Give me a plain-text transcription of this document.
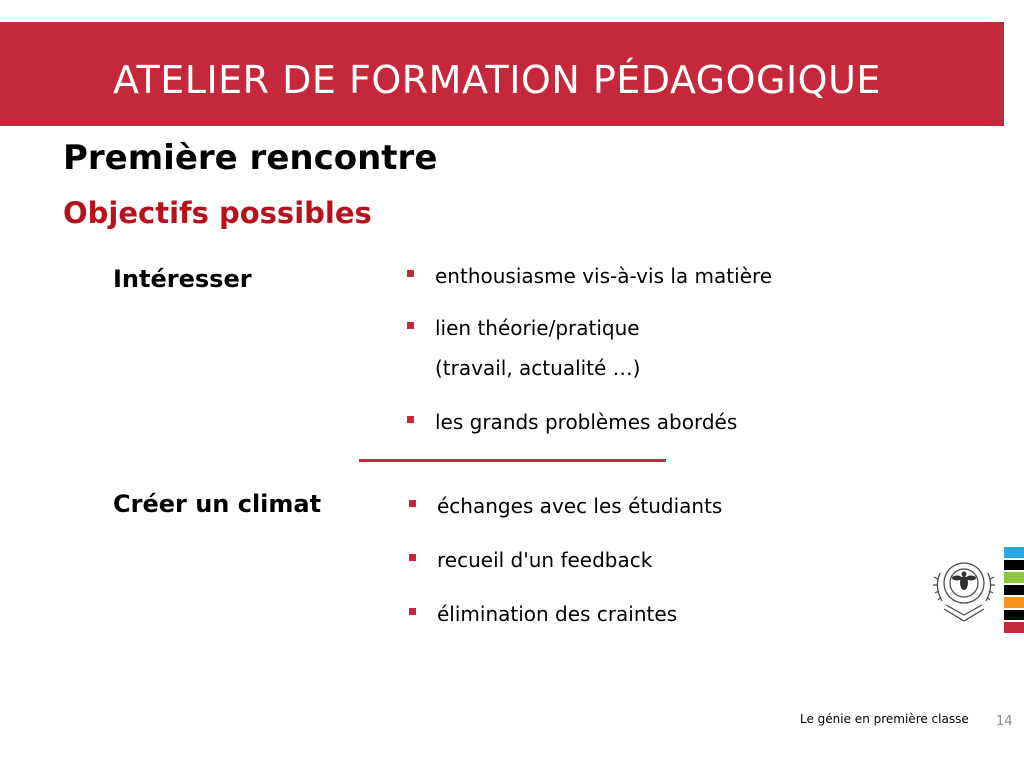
ATELIER DE FORMATION PÉDAGOGIQUE
Première rencontre
Objectifs possibles
Intéresser	enthousiasme vis-à-vis la matière
lien théorie/pratique
(travail, actualité …)
les grands problèmes abordés
Créer un climat	échanges avec les étudiants
recueil d'un feedback
élimination des craintes
Le génie en première classe 14
